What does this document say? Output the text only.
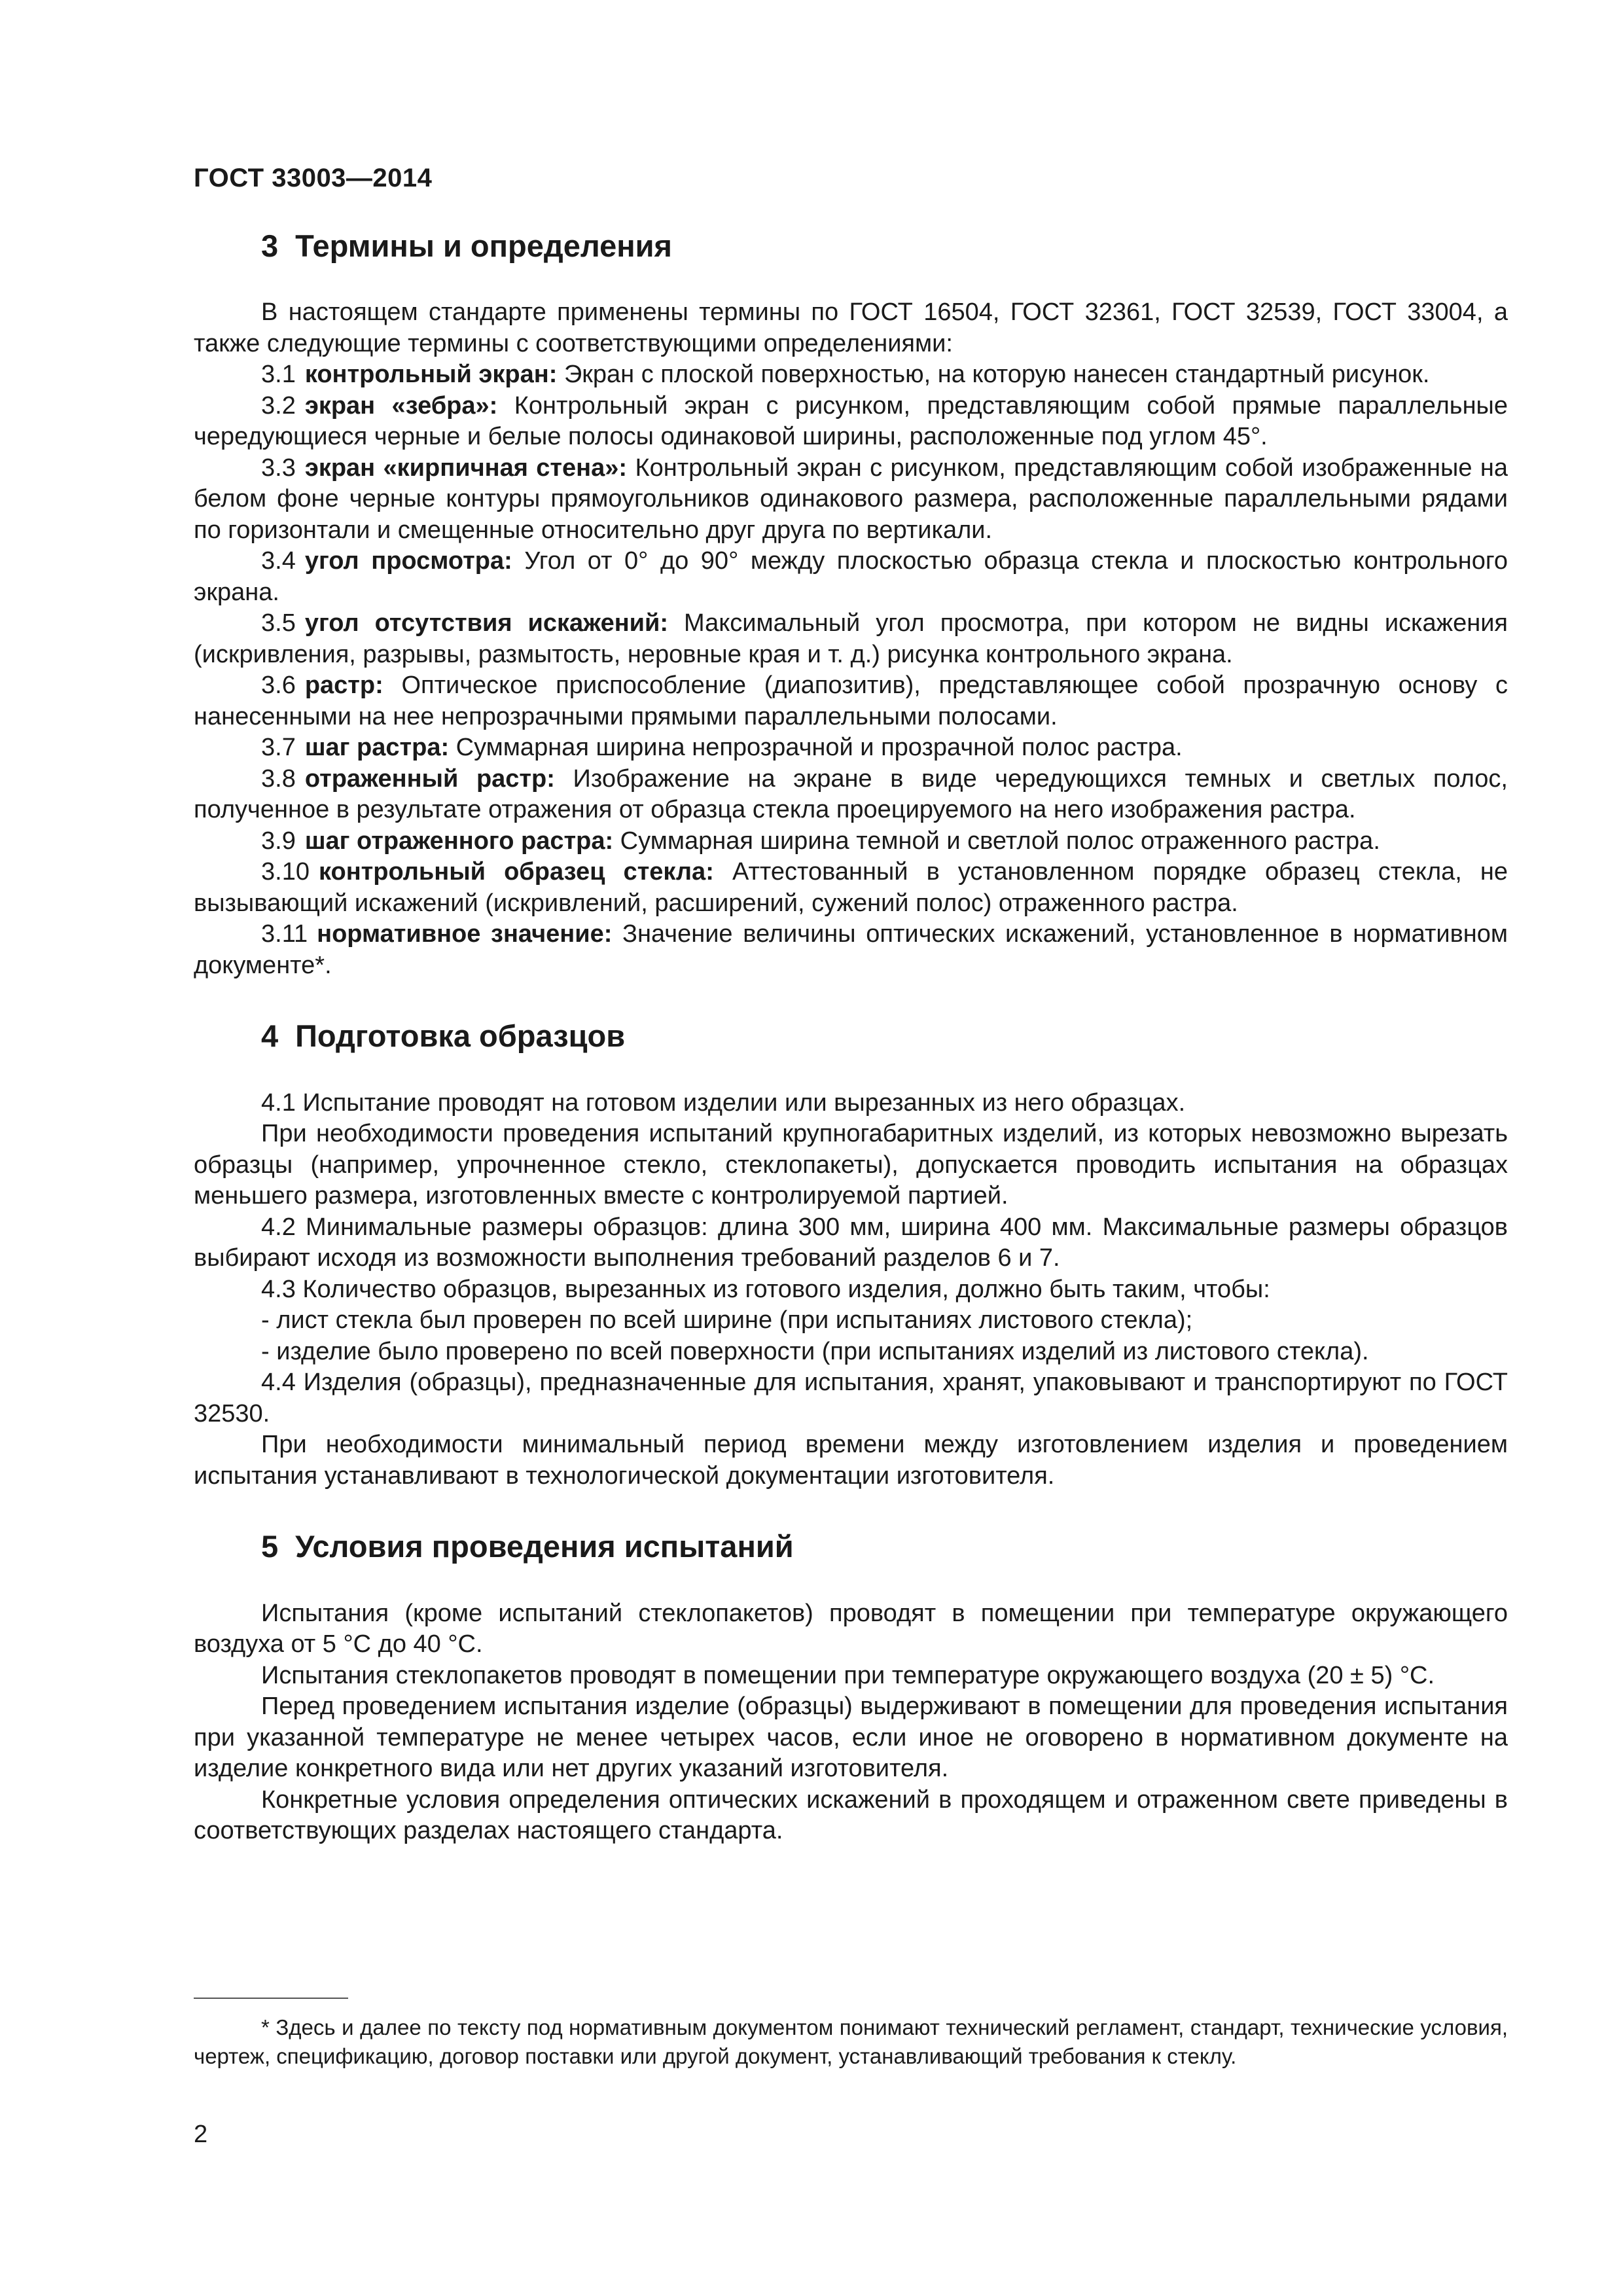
ГОСТ 33003—2014
3 Термины и определения

В настоящем стандарте применены термины по ГОСТ 16504, ГОСТ 32361, ГОСТ 32539, ГОСТ 33004, а также следующие термины с соответствующими определениями:

3.1 контрольный экран: Экран с плоской поверхностью, на которую нанесен стандартный рисунок.

3.2 экран «зебра»: Контрольный экран с рисунком, представляющим собой прямые параллельные чередующиеся черные и белые полосы одинаковой ширины, расположенные под углом 45°.

3.3 экран «кирпичная стена»: Контрольный экран с рисунком, представляющим собой изображенные на белом фоне черные контуры прямоугольников одинакового размера, расположенные параллельными рядами по горизонтали и смещенные относительно друг друга по вертикали.

3.4 угол просмотра: Угол от 0° до 90° между плоскостью образца стекла и плоскостью контрольного экрана.

3.5 угол отсутствия искажений: Максимальный угол просмотра, при котором не видны искажения (искривления, разрывы, размытость, неровные края и т. д.) рисунка контрольного экрана.

3.6 растр: Оптическое приспособление (диапозитив), представляющее собой прозрачную основу с нанесенными на нее непрозрачными прямыми параллельными полосами.

3.7 шаг растра: Суммарная ширина непрозрачной и прозрачной полос растра.

3.8 отраженный растр: Изображение на экране в виде чередующихся темных и светлых полос, полученное в результате отражения от образца стекла проецируемого на него изображения растра.

3.9 шаг отраженного растра: Суммарная ширина темной и светлой полос отраженного растра.

3.10 контрольный образец стекла: Аттестованный в установленном порядке образец стекла, не вызывающий искажений (искривлений, расширений, сужений полос) отраженного растра.

3.11 нормативное значение: Значение величины оптических искажений, установленное в нормативном документе*.

4 Подготовка образцов

4.1 Испытание проводят на готовом изделии или вырезанных из него образцах.

При необходимости проведения испытаний крупногабаритных изделий, из которых невозможно вырезать образцы (например, упрочненное стекло, стеклопакеты), допускается проводить испытания на образцах меньшего размера, изготовленных вместе с контролируемой партией.

4.2 Минимальные размеры образцов: длина 300 мм, ширина 400 мм. Максимальные размеры образцов выбирают исходя из возможности выполнения требований разделов 6 и 7.

4.3 Количество образцов, вырезанных из готового изделия, должно быть таким, чтобы:

- лист стекла был проверен по всей ширине (при испытаниях листового стекла);

- изделие было проверено по всей поверхности (при испытаниях изделий из листового стекла).

4.4 Изделия (образцы), предназначенные для испытания, хранят, упаковывают и транспортируют по ГОСТ 32530.

При необходимости минимальный период времени между изготовлением изделия и проведением испытания устанавливают в технологической документации изготовителя.

5 Условия проведения испытаний

Испытания (кроме испытаний стеклопакетов) проводят в помещении при температуре окружающего воздуха от 5 °С до 40 °С.

Испытания стеклопакетов проводят в помещении при температуре окружающего воздуха (20 ± 5) °С.

Перед проведением испытания изделие (образцы) выдерживают в помещении для проведения испытания при указанной температуре не менее четырех часов, если иное не оговорено в нормативном документе на изделие конкретного вида или нет других указаний изготовителя.

Конкретные условия определения оптических искажений в проходящем и отраженном свете приведены в соответствующих разделах настоящего стандарта.

* Здесь и далее по тексту под нормативным документом понимают технический регламент, стандарт, технические условия, чертеж, спецификацию, договор поставки или другой документ, устанавливающий требования к стеклу.

2
